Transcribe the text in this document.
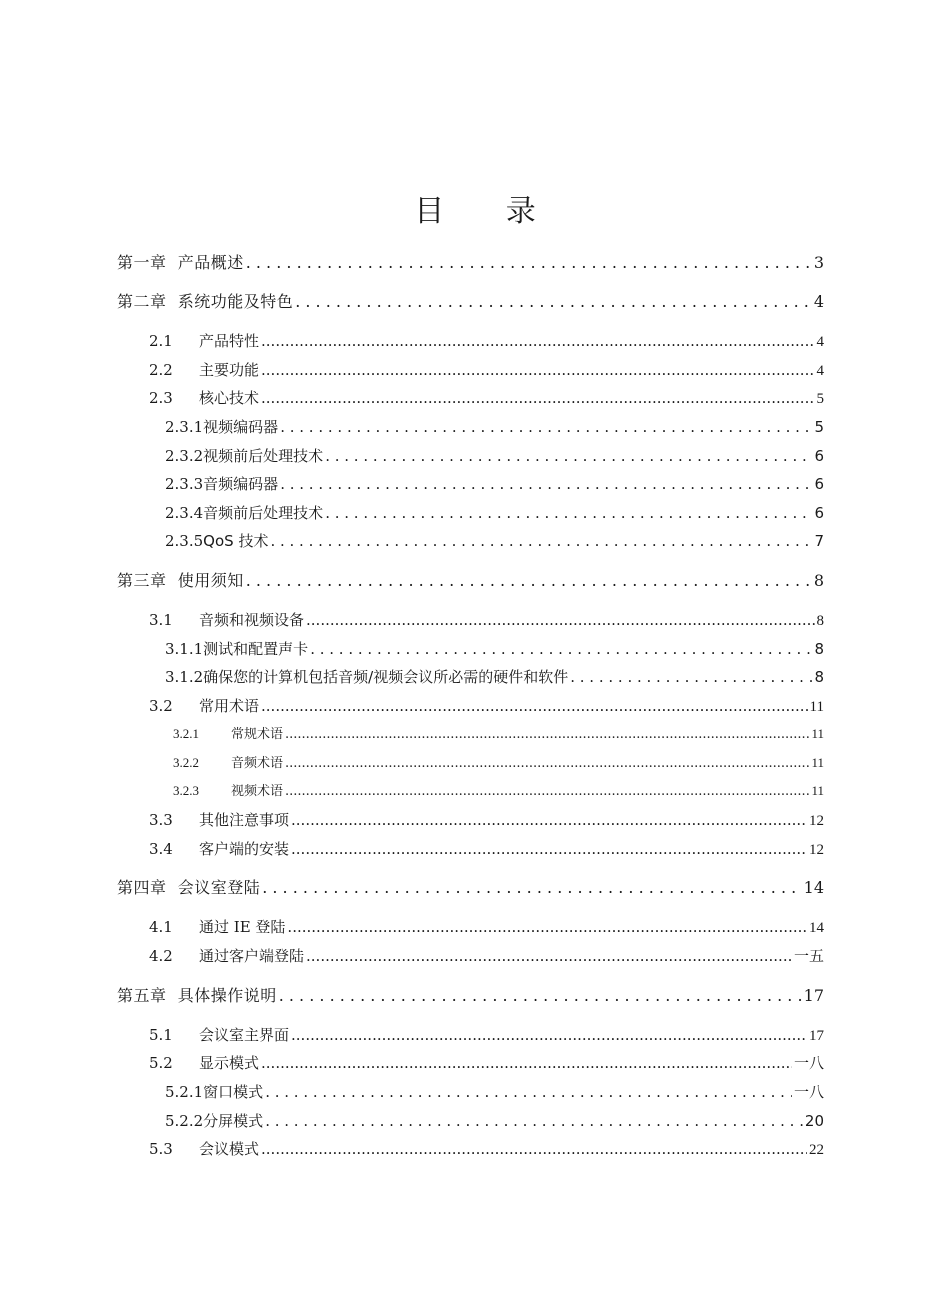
目 录
第一章 产品概述 . . .	3
第二章 系统功能及特色 . . .	4
2.1 产品特性 .....	4
2.2 主要功能 .....	4
2.3 核心技术 .....	5
2.3.1视频编码器 . . .	5
2.3.2视频前后处理技术 . . .	6
2.3.3音频编码器 . . .	6
2.3.4音频前后处理技术 . . .	6
2.3.5QoS 技术 . . .	7
第三章 使用须知 . . .	8
3.1 音频和视频设备 .....	8
3.1.1测试和配置声卡 . . .	8
3.1.2确保您的计算机包括音频/视频会议所必需的硬件和软件 . . .	8
3.2 常用术语 .....	11
3.2.1 常规术语 .....	11
3.2.2 音频术语 .....	11
3.2.3 视频术语 .....	11
3.3 其他注意事项 .....	12
3.4 客户端的安装 .....	12
第四章 会议室登陆 . . .	14
4.1 通过 IE 登陆 .....	14
4.2 通过客户端登陆 .....	一五
第五章 具体操作说明 . . .	17
5.1 会议室主界面 .....	17
5.2 显示模式 .....	一八
5.2.1窗口模式 . . .	一八
5.2.2分屏模式 . . .	20
5.3 会议模式 .....	22
